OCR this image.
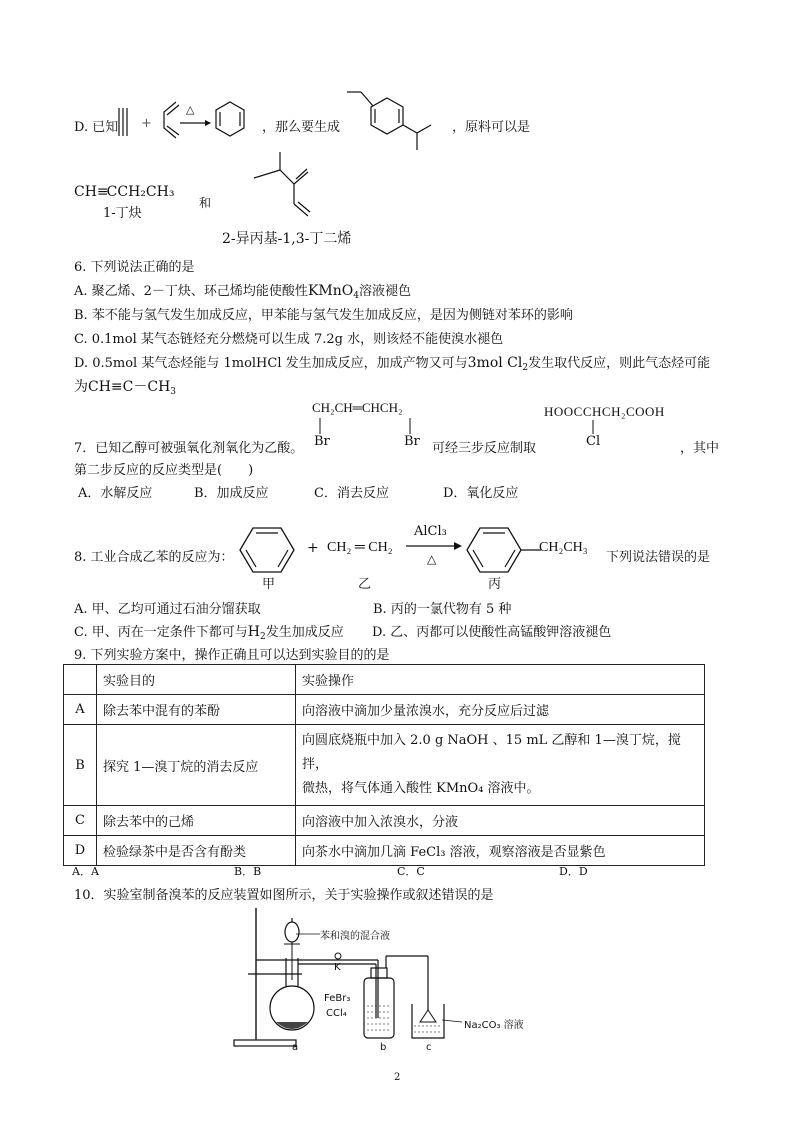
D. 已知 +
△
，那么要生成	，原料可以是
CH≡CCH₂CH₃
1-丁炔
和
2-异丙基-1,3-丁二烯
6. 下列说法正确的是
A. 聚乙烯、2－丁炔、环己烯均能使酸性KMnO$_4$溶液褪色
B. 苯不能与氢气发生加成反应，甲苯能与氢气发生加成反应，是因为侧链对苯环的影响
C. 0.1mol 某气态链烃充分燃烧可以生成 7.2g 水，则该烃不能使溴水褪色
D. 0.5mol 某气态烃能与 1molHCl 发生加成反应，加成产物又可与3mol $Cl_2$发生取代反应，则此气态烃可能
为$CH\equiv C-CH_3$
CH₂CH═CHCH₂
Br	Br
HOOCCHCH₂COOH
Cl
7．已知乙醇可被强氧化剂氧化为乙酸。	可经三步反应制取	，其中
第二步反应的反应类型是(　　)
A．水解反应	B．加成反应	C．消去反应	D．氧化反应
8. 工业合成乙苯的反应为：
甲
+ CH₂ ═ CH₂
乙
AlCl₃
△
CH₂CH₃
丙
下列说法错误的是
A. 甲、乙均可通过石油分馏获取	B. 丙的一氯代物有 5 种
C. 甲、丙在一定条件下都可与$H_2$发生加成反应 D. 乙、丙都可以使酸性高锰酸钾溶液褪色
9. 下列实验方案中，操作正确且可以达到实验目的的是
	实验目的	实验操作
A	除去苯中混有的苯酚	向溶液中滴加少量浓溴水，充分反应后过滤
B	探究 1—溴丁烷的消去反应	向圆底烧瓶中加入 2.0 g NaOH 、15 mL 乙醇和 1—溴丁烷，搅拌，
微热，将气体通入酸性 KMnO₄ 溶液中。

C	除去苯中的己烯	向溶液中加入浓溴水，分液
D	检验绿茶中是否含有酚类	向茶水中滴加几滴 FeCl₃ 溶液，观察溶液是否显紫色
A．A	B．B	C．C	D．D
10．实验室制备溴苯的反应装置如图所示，关于实验操作或叙述错误的是
苯和溴的混合液
K
FeBr₃
CCl₄
Na₂CO₃ 溶液
a	b	c
2
